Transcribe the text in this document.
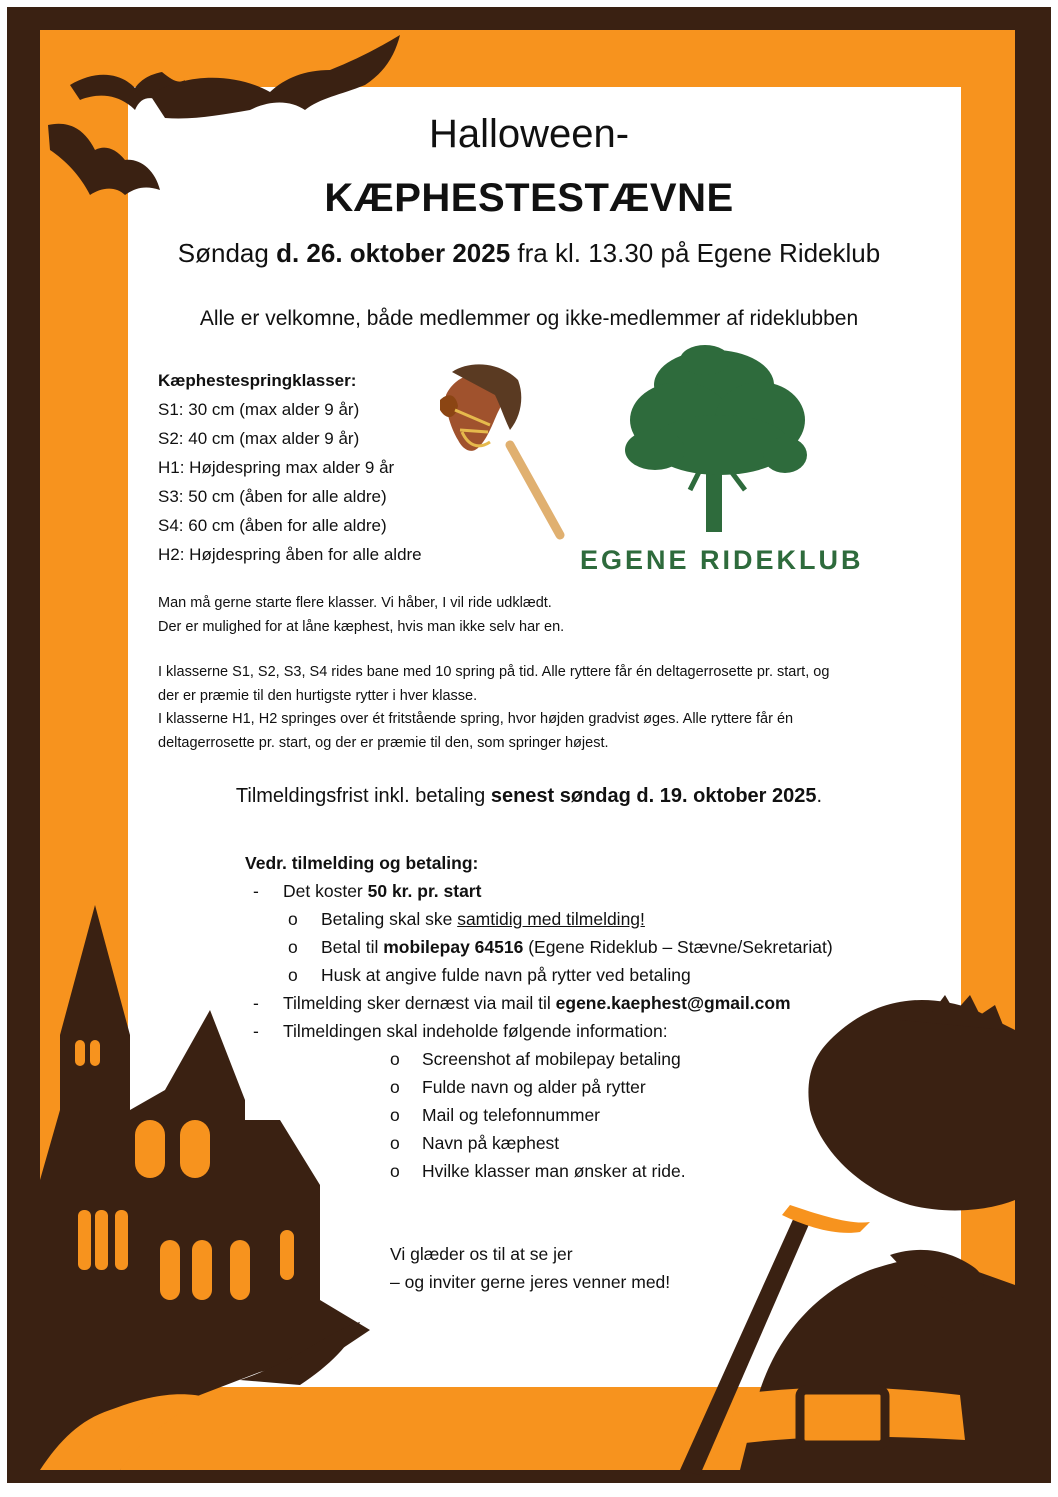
Halloween-
KÆPHESTESTÆVNE
Søndag d. 26. oktober 2025 fra kl. 13.30 på Egene Rideklub
Alle er velkomne, både medlemmer og ikke-medlemmer af rideklubben
Kæphestespringklasser:
S1: 30 cm (max alder 9 år)
S2: 40 cm (max alder 9 år)
H1: Højdespring max alder 9 år
S3: 50 cm (åben for alle aldre)
S4: 60 cm (åben for alle aldre)
H2: Højdespring åben for alle aldre	EGENE RIDEKLUB
Man må gerne starte flere klasser. Vi håber, I vil ride udklædt.
Der er mulighed for at låne kæphest, hvis man ikke selv har en.
I klasserne S1, S2, S3, S4 rides bane med 10 spring på tid. Alle ryttere får én deltagerrosette pr. start, og
der er præmie til den hurtigste rytter i hver klasse.
I klasserne H1, H2 springes over ét fritstående spring, hvor højden gradvist øges. Alle ryttere får én
deltagerrosette pr. start, og der er præmie til den, som springer højest.
Tilmeldingsfrist inkl. betaling senest søndag d. 19. oktober 2025.
Vedr. tilmelding og betaling:
- Det koster 50 kr. pr. start
o Betaling skal ske samtidig med tilmelding!
o Betal til mobilepay 64516 (Egene Rideklub – Stævne/Sekretariat)
o Husk at angive fulde navn på rytter ved betaling
- Tilmelding sker dernæst via mail til egene.kaephest@gmail.com
- Tilmeldingen skal indeholde følgende information:
o Screenshot af mobilepay betaling
o Fulde navn og alder på rytter
o Mail og telefonnummer
o Navn på kæphest
o Hvilke klasser man ønsker at ride.
Vi glæder os til at se jer
– og inviter gerne jeres venner med!
